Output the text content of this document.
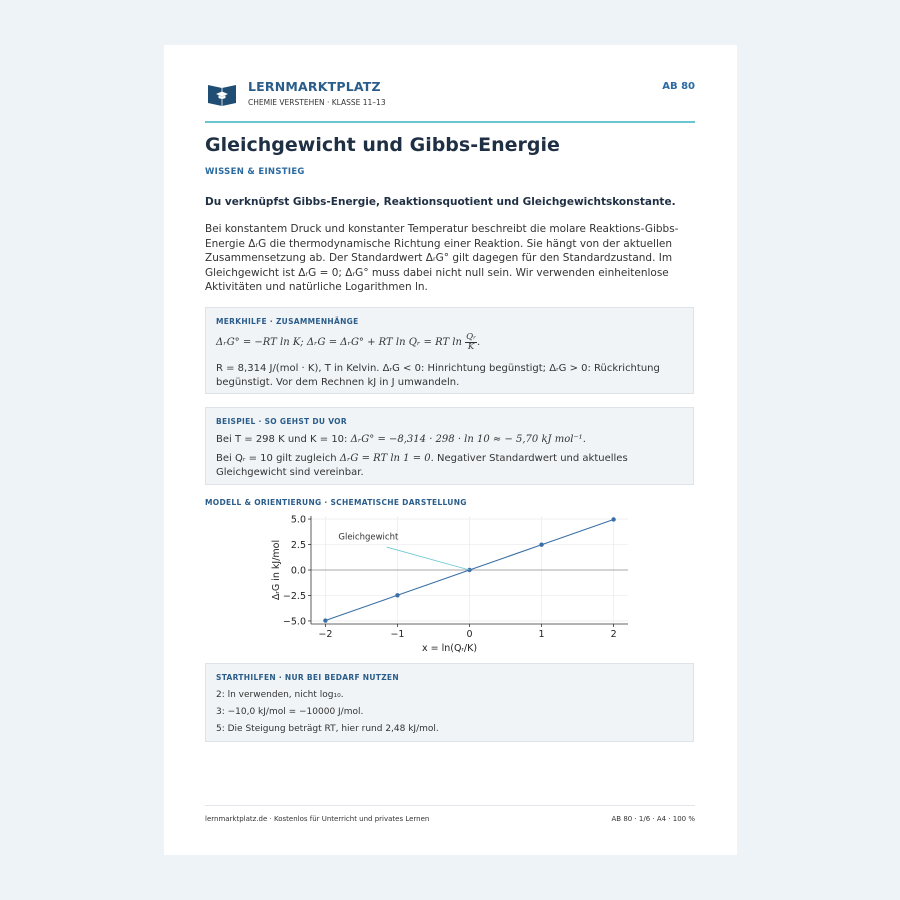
LERNMARKTPLATZ
CHEMIE VERSTEHEN · KLASSE 11–13
AB 80
Gleichgewicht und Gibbs-Energie
WISSEN & EINSTIEG
Du verknüpfst Gibbs-Energie, Reaktionsquotient und Gleichgewichtskonstante.
Bei konstantem Druck und konstanter Temperatur beschreibt die molare Reaktions-Gibbs-Energie ΔᵣG die thermodynamische Richtung einer Reaktion. Sie hängt von der aktuellen Zusammensetzung ab. Der Standardwert ΔᵣG° gilt dagegen für den Standardzustand. Im Gleichgewicht ist ΔᵣG = 0; ΔᵣG° muss dabei nicht null sein. Wir verwenden einheitenlose Aktivitäten und natürliche Logarithmen ln.
MERKHILFE · ZUSAMMENHÄNGE
ΔᵣG° = −RT ln K; ΔᵣG = ΔᵣG° + RT ln Qᵣ = RT $\ln \frac{\text{Qᵣ}}{K}$ .
R = 8,314 J/(mol · K), T in Kelvin. ΔᵣG < 0: Hinrichtung begünstigt; ΔᵣG > 0: Rückrichtung begünstigt. Vor dem Rechnen kJ in J umwandeln.
BEISPIEL · SO GEHST DU VOR
Bei T = 298 K und K = 10: ΔᵣG° = −8,314 · 298 · ln 10 ≈ − 5,70 kJ mol⁻¹.
Bei Qᵣ = 10 gilt zugleich ΔᵣG = RT ln 1 = 0. Negativer Standardwert und aktuelles Gleichgewicht sind vereinbar.
MODELL & ORIENTIERUNG · SCHEMATISCHE DARSTELLUNG
−2	−1	0	1	2
5.0
2.5
0.0
−2.5
−5.0
x = ln(Qᵣ/K)
ΔᵣG in kJ/mol
Gleichgewicht
STARTHILFEN · NUR BEI BEDARF NUTZEN
2: ln verwenden, nicht log₁₀.
3: −10,0 kJ/mol = −10000 J/mol.
5: Die Steigung beträgt RT, hier rund 2,48 kJ/mol.
lernmarktplatz.de · Kostenlos für Unterricht und privates Lernen	AB 80 · 1/6 · A4 · 100 %
